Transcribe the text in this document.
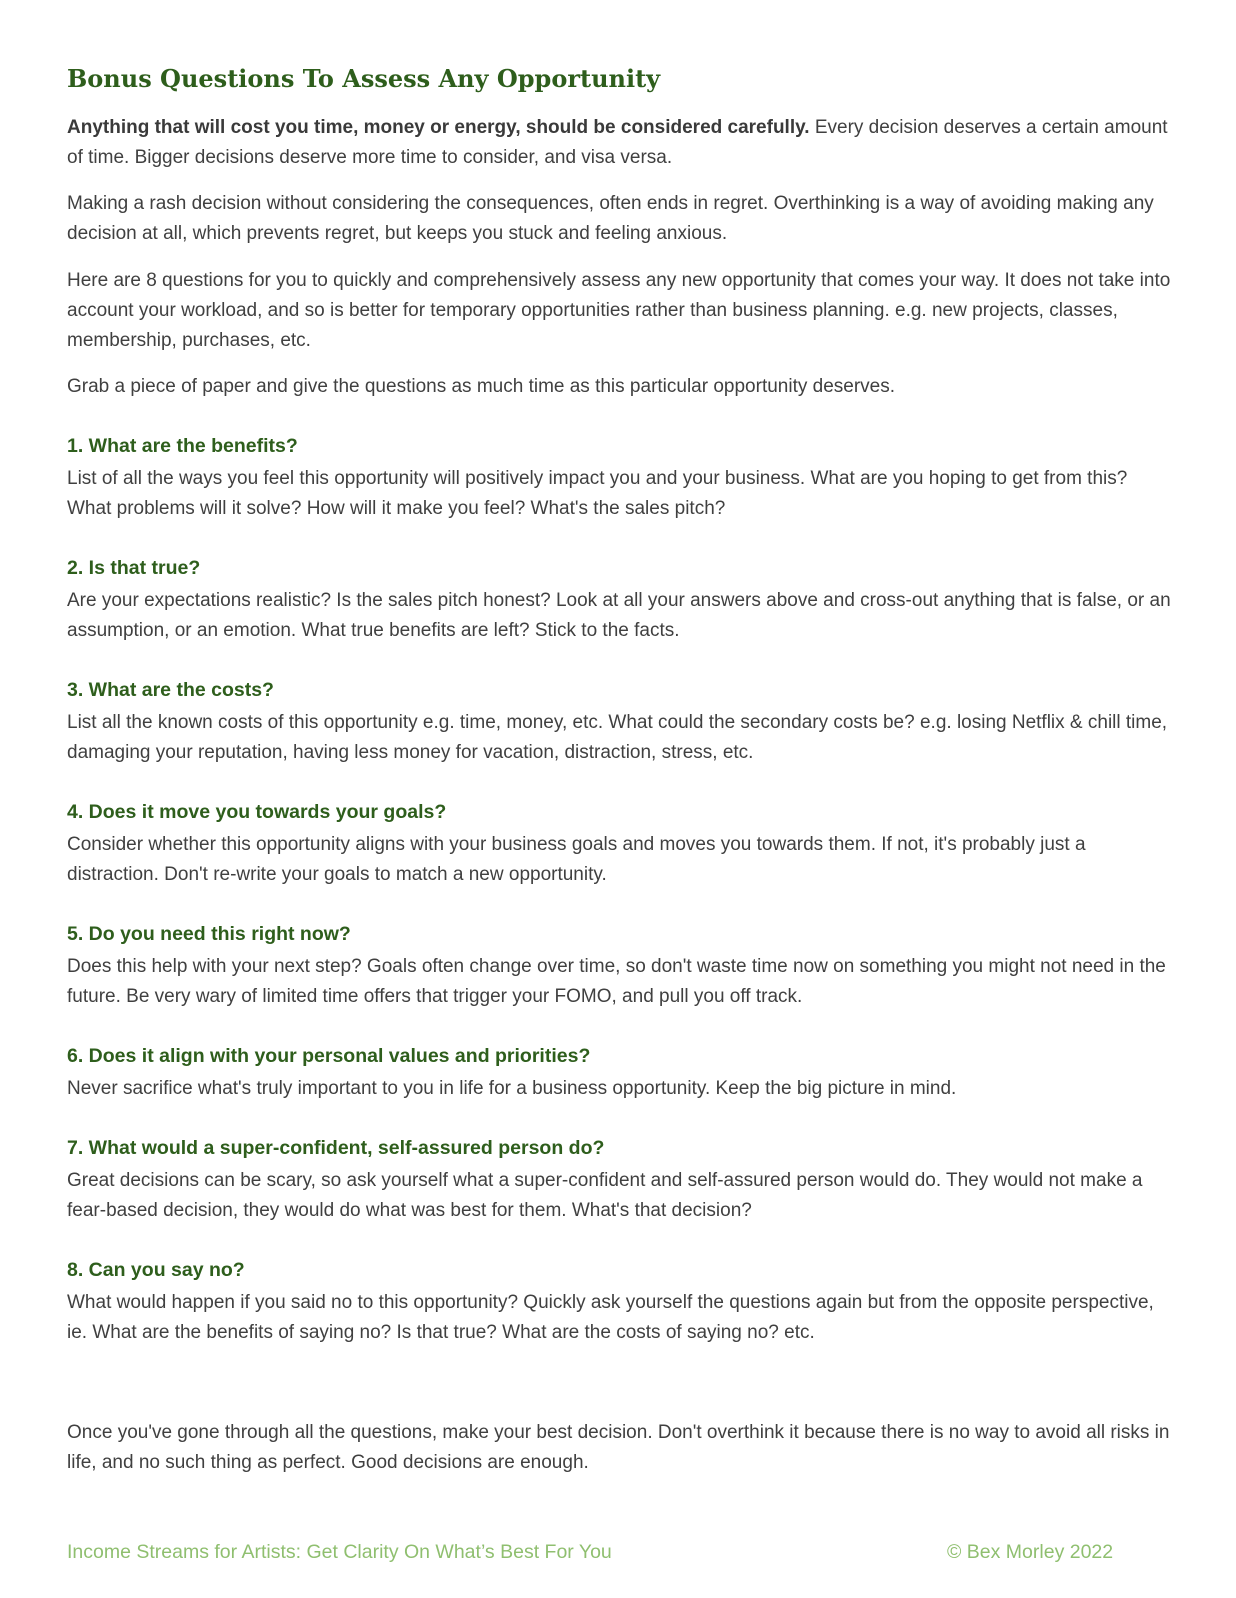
Bonus Questions To Assess Any Opportunity

Anything that will cost you time, money or energy, should be considered carefully. Every decision deserves a certain amount of time. Bigger decisions deserve more time to consider, and visa versa.

Making a rash decision without considering the consequences, often ends in regret. Overthinking is a way of avoiding making any decision at all, which prevents regret, but keeps you stuck and feeling anxious.

Here are 8 questions for you to quickly and comprehensively assess any new opportunity that comes your way. It does not take into account your workload, and so is better for temporary opportunities rather than business planning. e.g. new projects, classes, membership, purchases, etc.

Grab a piece of paper and give the questions as much time as this particular opportunity deserves.

1. What are the benefits?

List of all the ways you feel this opportunity will positively impact you and your business. What are you hoping to get from this? What problems will it solve? How will it make you feel? What's the sales pitch?

2. Is that true?

Are your expectations realistic? Is the sales pitch honest? Look at all your answers above and cross-out anything that is false, or an assumption, or an emotion. What true benefits are left? Stick to the facts.

3. What are the costs?

List all the known costs of this opportunity e.g. time, money, etc. What could the secondary costs be? e.g. losing Netflix & chill time, damaging your reputation, having less money for vacation, distraction, stress, etc.

4. Does it move you towards your goals?

Consider whether this opportunity aligns with your business goals and moves you towards them. If not, it's probably just a distraction. Don't re-write your goals to match a new opportunity.

5. Do you need this right now?

Does this help with your next step? Goals often change over time, so don't waste time now on something you might not need in the future. Be very wary of limited time offers that trigger your FOMO, and pull you off track.

6. Does it align with your personal values and priorities?

Never sacrifice what's truly important to you in life for a business opportunity. Keep the big picture in mind.

7. What would a super-confident, self-assured person do?

Great decisions can be scary, so ask yourself what a super-confident and self-assured person would do. They would not make a fear-based decision, they would do what was best for them. What's that decision?

8. Can you say no?

What would happen if you said no to this opportunity? Quickly ask yourself the questions again but from the opposite perspective, ie. What are the benefits of saying no? Is that true? What are the costs of saying no? etc.

Once you've gone through all the questions, make your best decision. Don't overthink it because there is no way to avoid all risks in life, and no such thing as perfect. Good decisions are enough.

Income Streams for Artists: Get Clarity On What’s Best For You	© Bex Morley 2022
